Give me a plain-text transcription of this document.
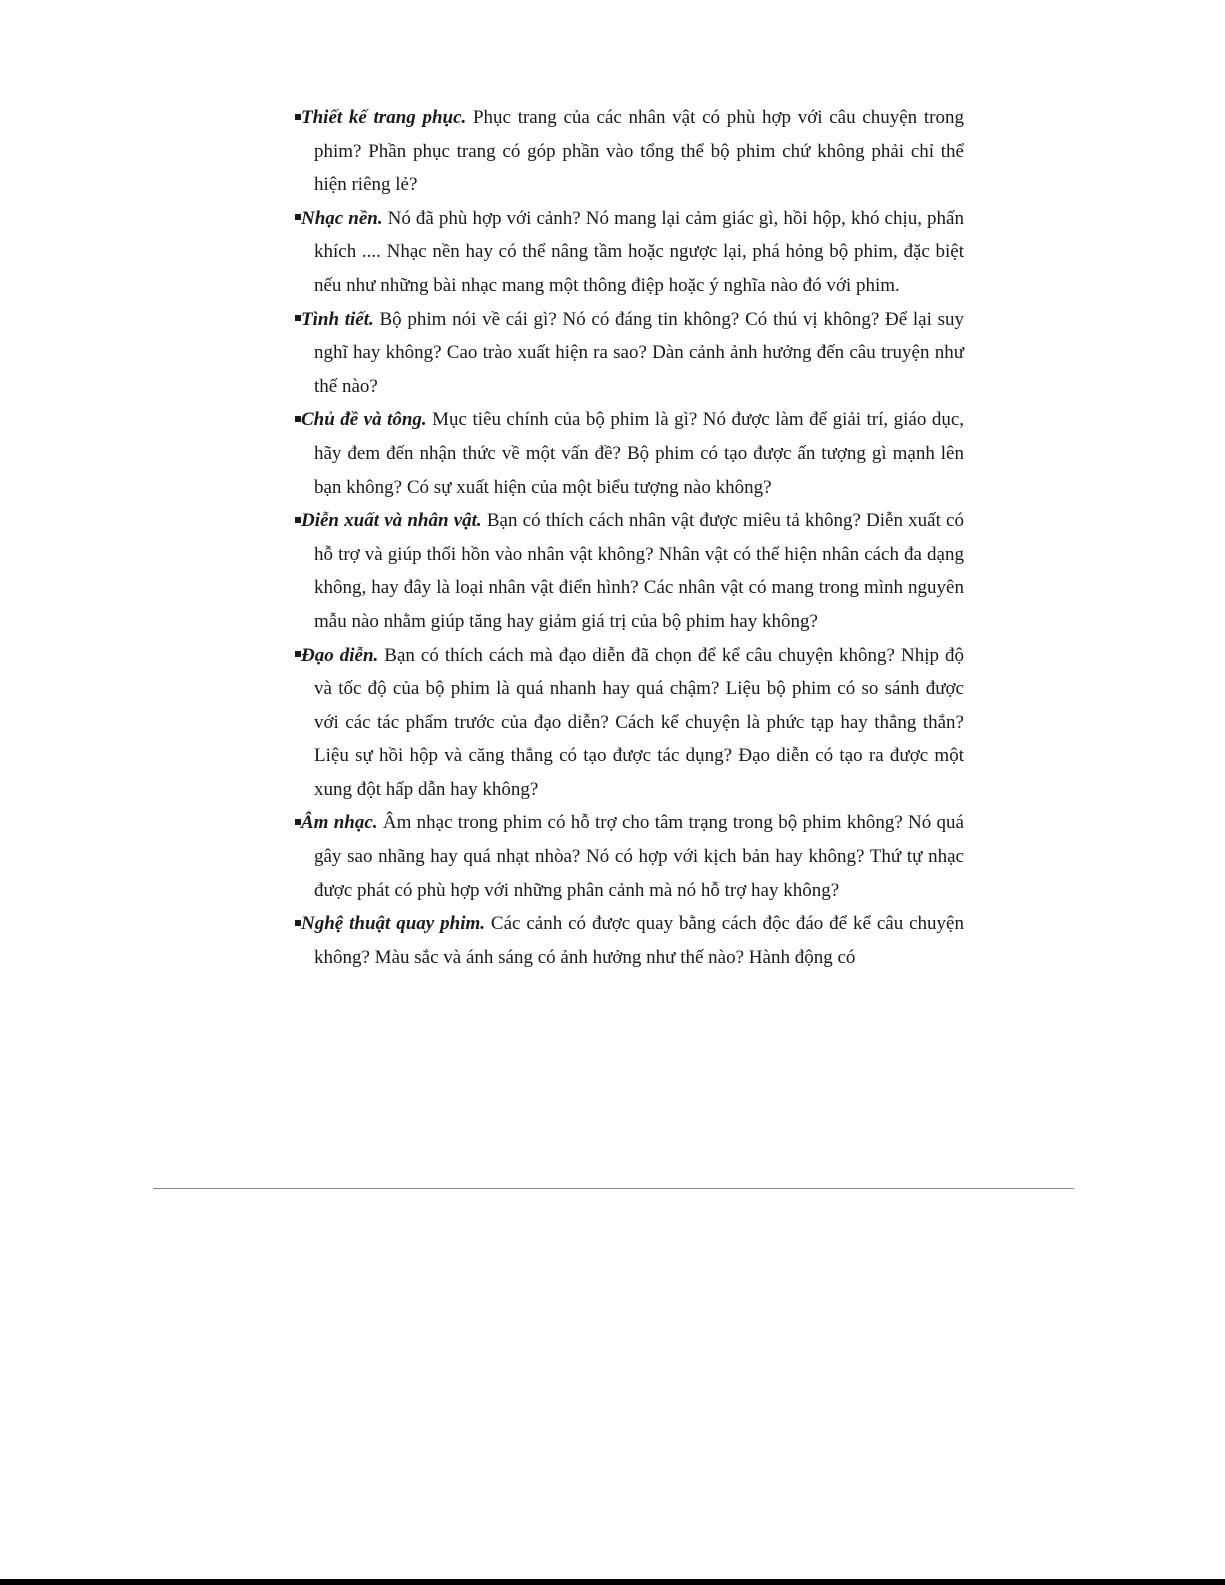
Thiết kế trang phục. Phục trang của các nhân vật có phù hợp với câu chuyện trong phim? Phần phục trang có góp phần vào tổng thể bộ phim chứ không phải chỉ thể hiện riêng lẻ?
Nhạc nền. Nó đã phù hợp với cảnh? Nó mang lại cảm giác gì, hồi hộp, khó chịu, phấn khích .... Nhạc nền hay có thể nâng tầm hoặc ngược lại, phá hỏng bộ phim, đặc biệt nếu như những bài nhạc mang một thông điệp hoặc ý nghĩa nào đó với phim.
Tình tiết. Bộ phim nói về cái gì? Nó có đáng tin không? Có thú vị không? Để lại suy nghĩ hay không? Cao trào xuất hiện ra sao? Dàn cảnh ảnh hưởng đến câu truyện như thế nào?
Chủ đề và tông. Mục tiêu chính của bộ phim là gì? Nó được làm để giải trí, giáo dục, hãy đem đến nhận thức về một vấn đề? Bộ phim có tạo được ấn tượng gì mạnh lên bạn không? Có sự xuất hiện của một biểu tượng nào không?
Diễn xuất và nhân vật. Bạn có thích cách nhân vật được miêu tả không? Diễn xuất có hỗ trợ và giúp thổi hồn vào nhân vật không? Nhân vật có thể hiện nhân cách đa dạng không, hay đây là loại nhân vật điển hình? Các nhân vật có mang trong mình nguyên mẫu nào nhằm giúp tăng hay giảm giá trị của bộ phim hay không?
Đạo diễn. Bạn có thích cách mà đạo diễn đã chọn để kể câu chuyện không? Nhịp độ và tốc độ của bộ phim là quá nhanh hay quá chậm? Liệu bộ phim có so sánh được với các tác phẩm trước của đạo diễn? Cách kể chuyện là phức tạp hay thẳng thắn? Liệu sự hồi hộp và căng thẳng có tạo được tác dụng? Đạo diễn có tạo ra được một xung đột hấp dẫn hay không?
Âm nhạc. Âm nhạc trong phim có hỗ trợ cho tâm trạng trong bộ phim không? Nó quá gây sao nhãng hay quá nhạt nhòa? Nó có hợp với kịch bản hay không? Thứ tự nhạc được phát có phù hợp với những phân cảnh mà nó hỗ trợ hay không?
Nghệ thuật quay phim. Các cảnh có được quay bằng cách độc đáo để kể câu chuyện không? Màu sắc và ánh sáng có ảnh hưởng như thế nào? Hành động có
